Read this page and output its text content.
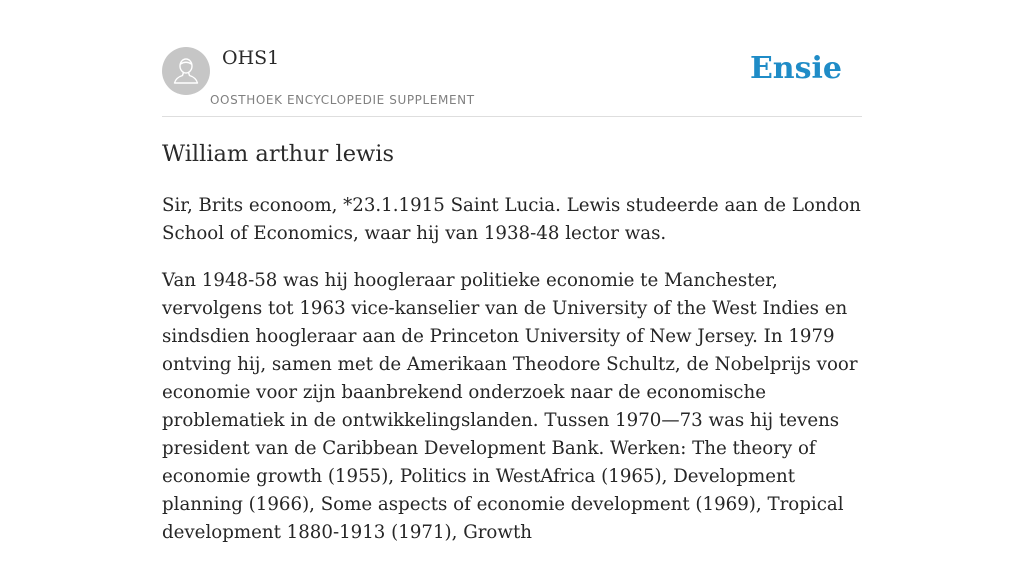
OHS1
OOSTHOEK ENCYCLOPEDIE SUPPLEMENT
Ensie
William arthur lewis

Sir, Brits econoom, *23.1.1915 Saint Lucia. Lewis studeerde aan de London School of Economics, waar hij van 1938-48 lector was.

Van 1948-58 was hij hoogleraar politieke economie te Manchester, vervolgens tot 1963 vice-kanselier van de University of the West Indies en sindsdien hoogleraar aan de Princeton University of New Jersey. In 1979 ontving hij, samen met de Amerikaan Theodore Schultz, de Nobelprijs voor economie voor zijn baanbrekend onderzoek naar de economische problematiek in de ontwikkelingslanden. Tussen 1970—73 was hij tevens president van de Caribbean Development Bank. Werken: The theory of economie growth (1955), Politics in WestAfrica (1965), Development planning (1966), Some aspects of economie development (1969), Tropical development 1880-1913 (1971), Growth
